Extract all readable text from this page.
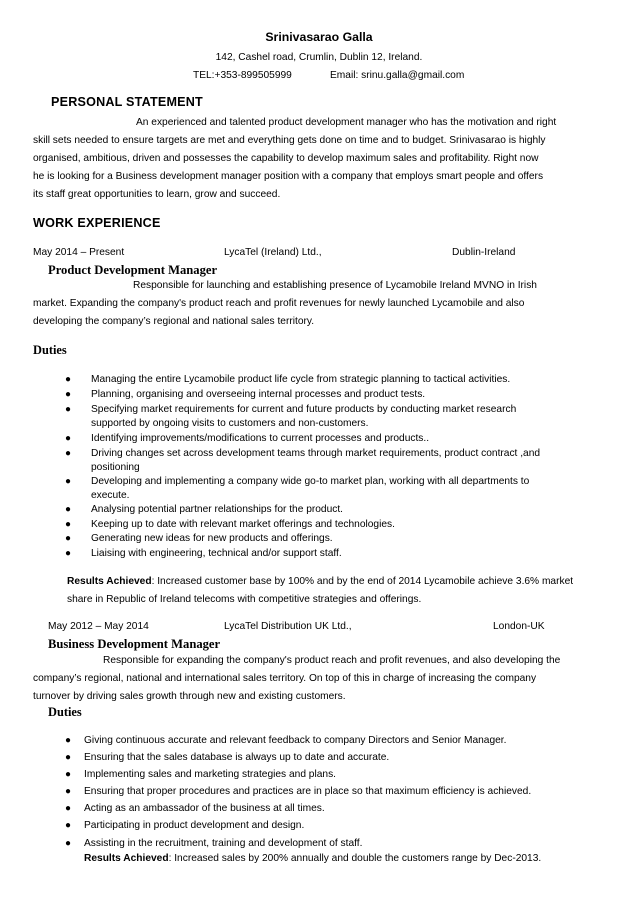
Srinivasarao Galla
142, Cashel road, Crumlin, Dublin 12, Ireland.
TEL:+353-899505999	Email: srinu.galla@gmail.com
PERSONAL STATEMENT
An experienced and talented product development manager who has the motivation and right
skill sets needed to ensure targets are met and everything gets done on time and to budget. Srinivasarao is highly
organised, ambitious, driven and possesses the capability to develop maximum sales and profitability. Right now
he is looking for a Business development manager position with a company that employs smart people and offers
its staff great opportunities to learn, grow and succeed.
WORK EXPERIENCE
May 2014 – Present	LycaTel (Ireland) Ltd.,	Dublin-Ireland
Product Development Manager
Responsible for launching and establishing presence of Lycamobile Ireland MVNO in Irish
market. Expanding the company's product reach and profit revenues for newly launched Lycamobile and also
developing the company’s regional and national sales territory.
Duties
● Managing the entire Lycamobile product life cycle from strategic planning to tactical activities.
● Planning, organising and overseeing internal processes and product tests.
● Specifying market requirements for current and future products by conducting market research
supported by ongoing visits to customers and non-customers.
● Identifying improvements/modifications to current processes and products..
● Driving changes set across development teams through market requirements, product contract ,and
positioning
● Developing and implementing a company wide go-to market plan, working with all departments to
execute.
● Analysing potential partner relationships for the product.
● Keeping up to date with relevant market offerings and technologies.
● Generating new ideas for new products and offerings.
● Liaising with engineering, technical and/or support staff.
Results Achieved: Increased customer base by 100% and by the end of 2014 Lycamobile achieve 3.6% market
share in Republic of Ireland telecoms with competitive strategies and offerings.
May 2012 – May 2014	LycaTel Distribution UK Ltd.,	London-UK
Business Development Manager
Responsible for expanding the company's product reach and profit revenues, and also developing the
company’s regional, national and international sales territory. On top of this in charge of increasing the company
turnover by driving sales growth through new and existing customers.
Duties
● Giving continuous accurate and relevant feedback to company Directors and Senior Manager.
● Ensuring that the sales database is always up to date and accurate.
● Implementing sales and marketing strategies and plans.
● Ensuring that proper procedures and practices are in place so that maximum efficiency is achieved.
● Acting as an ambassador of the business at all times.
● Participating in product development and design.
● Assisting in the recruitment, training and development of staff.
Results Achieved: Increased sales by 200% annually and double the customers range by Dec-2013.
